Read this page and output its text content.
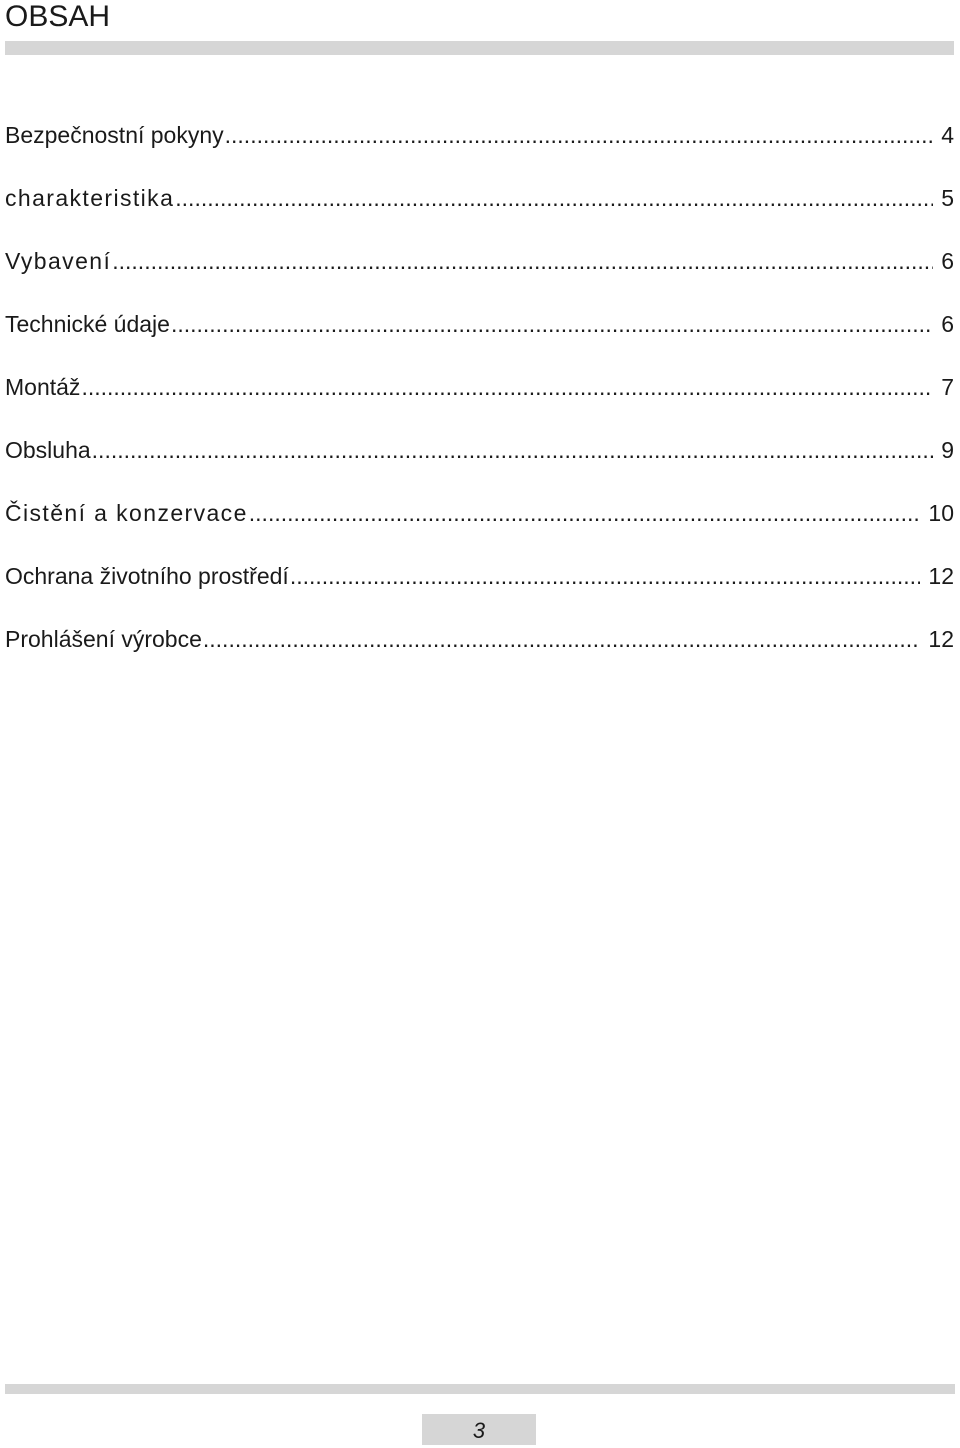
OBSAH
Bezpečnostní pokyny .....	4
charakteristika .....	5
Vybavení .....	6
Technické údaje .....	6
Montáž .....	7
Obsluha .....	9
Čistění a konzervace .....	10
Ochrana životního prostředí .....	12
Prohlášení výrobce .....	12
3
